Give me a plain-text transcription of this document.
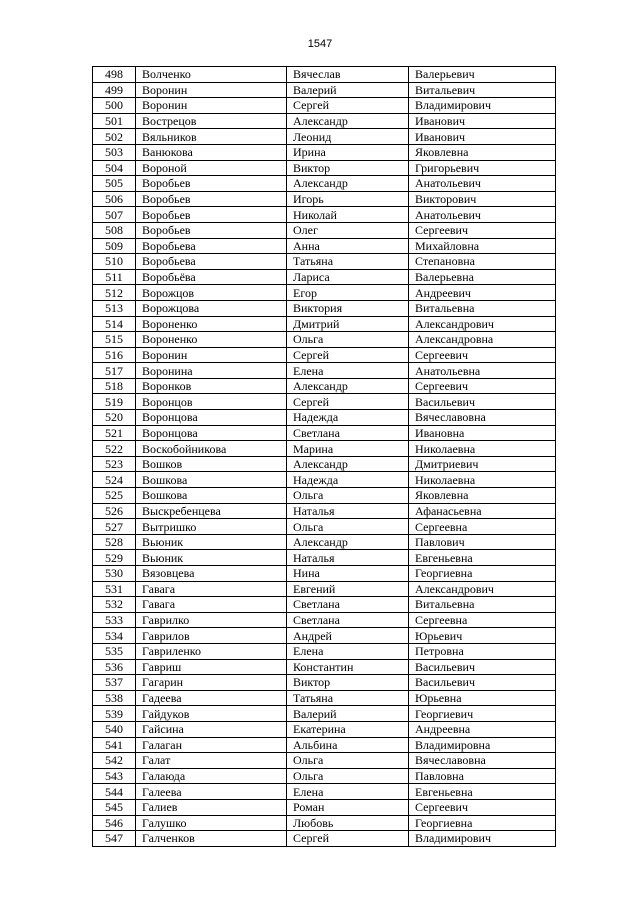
1547
498	Волченко	Вячеслав	Валерьевич
499	Воронин	Валерий	Витальевич
500	Воронин	Сергей	Владимирович
501	Вострецов	Александр	Иванович
502	Вяльников	Леонид	Иванович
503	Ванюкова	Ирина	Яковлевна
504	Вороной	Виктор	Григорьевич
505	Воробьев	Александр	Анатольевич
506	Воробьев	Игорь	Викторович
507	Воробьев	Николай	Анатольевич
508	Воробьев	Олег	Сергеевич
509	Воробьева	Анна	Михайловна
510	Воробьева	Татьяна	Степановна
511	Воробьёва	Лариса	Валерьевна
512	Ворожцов	Егор	Андреевич
513	Ворожцова	Виктория	Витальевна
514	Вороненко	Дмитрий	Александрович
515	Вороненко	Ольга	Александровна
516	Воронин	Сергей	Сергеевич
517	Воронина	Елена	Анатольевна
518	Воронков	Александр	Сергеевич
519	Воронцов	Сергей	Васильевич
520	Воронцова	Надежда	Вячеславовна
521	Воронцова	Светлана	Ивановна
522	Воскобойникова	Марина	Николаевна
523	Вошков	Александр	Дмитриевич
524	Вошкова	Надежда	Николаевна
525	Вошкова	Ольга	Яковлевна
526	Выскребенцева	Наталья	Афанасьевна
527	Вытришко	Ольга	Сергеевна
528	Вьюник	Александр	Павлович
529	Вьюник	Наталья	Евгеньевна
530	Вязовцева	Нина	Георгиевна
531	Гавага	Евгений	Александрович
532	Гавага	Светлана	Витальевна
533	Гаврилко	Светлана	Сергеевна
534	Гаврилов	Андрей	Юрьевич
535	Гавриленко	Елена	Петровна
536	Гавриш	Константин	Васильевич
537	Гагарин	Виктор	Васильевич
538	Гадеева	Татьяна	Юрьевна
539	Гайдуков	Валерий	Георгиевич
540	Гайсина	Екатерина	Андреевна
541	Галаган	Альбина	Владимировна
542	Галат	Ольга	Вячеславовна
543	Галаюда	Ольга	Павловна
544	Галеева	Елена	Евгеньевна
545	Галиев	Роман	Сергеевич
546	Галушко	Любовь	Георгиевна
547	Галченков	Сергей	Владимирович
